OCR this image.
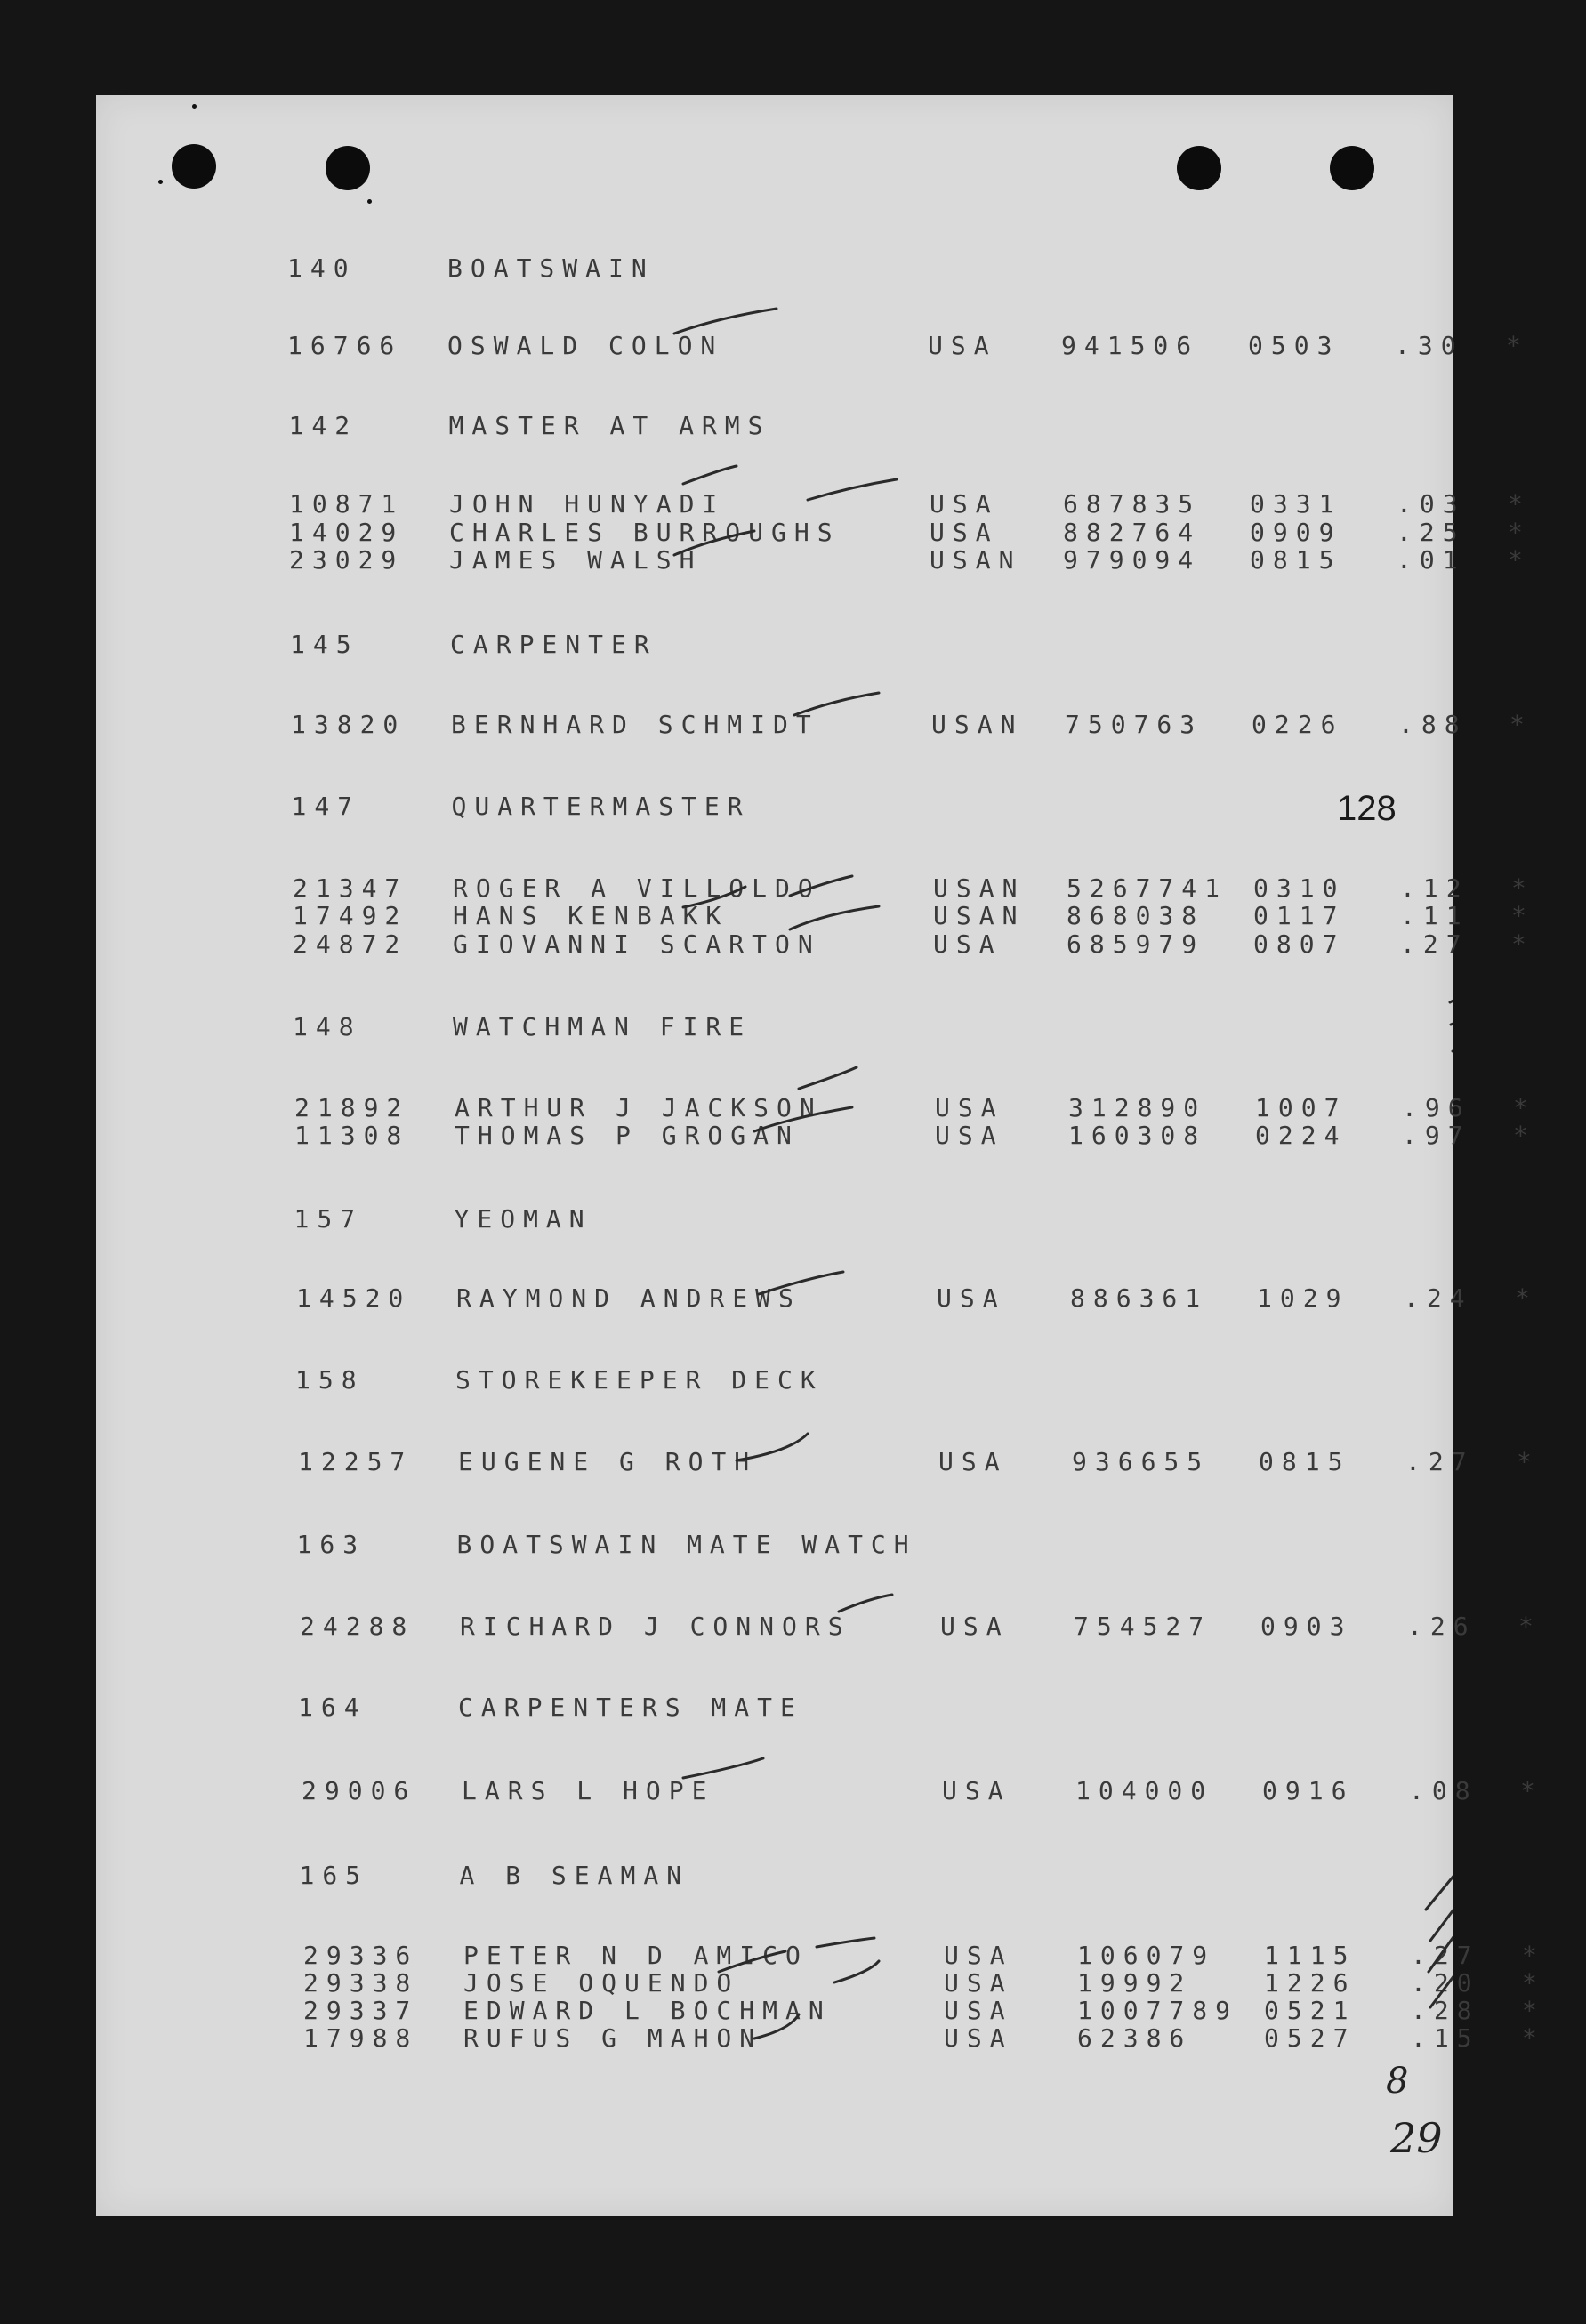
140	BOATSWAIN
16766 OSWALD COLON	USA	941506 0503 .30 *
142	MASTER AT ARMS
10871 JOHN HUNYADI	USA	687835 0331 .03 *
14029 CHARLES BURROUGHS	USA	882764 0909 .25 *
23029 JAMES WALSH	USAN 979094 0815 .01 *
145	CARPENTER
13820 BERNHARD SCHMIDT	USAN 750763 0226 .88 *
147	QUARTERMASTER
21347 ROGER A VILLOLDO	USAN 5267741 0310 .12 *
17492 HANS KENBAKK	USAN 868038 0117 .11 *
24872 GIOVANNI SCARTON	USA	685979 0807 .27 *
148	WATCHMAN FIRE
21892 ARTHUR J JACKSON	USA	312890 1007 .96 *
11308 THOMAS P GROGAN	USA	160308 0224 .97 *
157	YEOMAN
14520 RAYMOND ANDREWS	USA	886361 1029 .24 *
158	STOREKEEPER DECK
12257 EUGENE G ROTH	USA	936655 0815 .27 *
163	BOATSWAIN MATE WATCH
24288 RICHARD J CONNORS	USA	754527 0903 .26 *
164	CARPENTERS MATE
29006 LARS L HOPE	USA	104000 0916 .08 *
165	A B SEAMAN
29336 PETER N D AMICO	USA	106079 1115 .27 *
29338 JOSE OQUENDO	USA	19992	1226 .20 *
29337 EDWARD L BOCHMAN	USA	1007789 0521 .28 *
17988 RUFUS G MAHON	USA	62386	0527 .15 *
128
8
29
